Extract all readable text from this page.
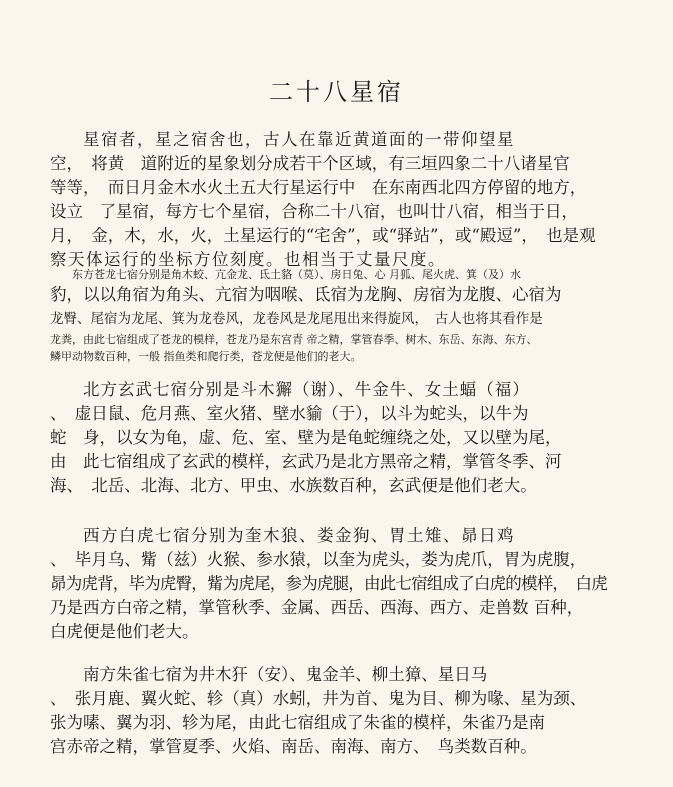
二十八星宿
星宿者，星之宿舍也，古人在靠近黄道面的一带仰望星
空，　将黄　道附近的星象划分成若干个区域，有三垣四象二十八诸星官
等等，　而日月金木水火土五大行星运行中　在东南西北四方停留的地方，
设立　了星宿，每方七个星宿，合称二十八宿，也叫廿八宿，相当于日，
月，　金，木，水，火，土星运行的“宅舍”，或“驿站”，或“殿逗”，　也是观
察天体运行的坐标方位刻度。也相当于丈量尺度。
东方苍龙七宿分别是角木蛟、亢金龙、氐土貉（莫）、房日兔、心 月狐、尾火虎、箕（及）水
豹，以以角宿为角头、亢宿为咽喉、氐宿为龙胸、房宿为龙腹、心宿为
龙臀、尾宿为龙尾、箕为龙卷风，龙卷风是龙尾甩出来得旋风，　古人也将其看作是
龙粪，由此七宿组成了苍龙的模样，苍龙乃是东宫青 帝之精，掌管春季、树木、东岳、东海、东方、
鳞甲动物数百种，一般 指鱼类和爬行类，苍龙便是他们的老大。
北方玄武七宿分别是斗木獬（谢）、牛金牛、女土蝠（福）
、　虚日鼠、危月燕、室火猪、壁水貐（于），以斗为蛇头，以牛为
蛇　身，以女为龟，虚、危、室、壁为是龟蛇缠绕之处，又以壁为尾，
由　此七宿组成了玄武的模样，玄武乃是北方黑帝之精，掌管冬季、河
海、　北岳、北海、北方、甲虫、水族数百种，玄武便是他们老大。
西方白虎七宿分别为奎木狼、娄金狗、胃土雉、昴日鸡
、　毕月乌、觜（兹）火猴、参水猿，以奎为虎头，娄为虎爪，胃为虎腹，
昴为虎背，毕为虎臀，觜为虎尾，参为虎腿，由此七宿组成了白虎的模样，　白虎
乃是西方白帝之精，掌管秋季、金属、西岳、西海、西方、走兽数 百种，
白虎便是他们老大。
南方朱雀七宿为井木犴（安）、鬼金羊、柳土獐、星日马
、　张月鹿、翼火蛇、轸（真）水蚓，井为首、鬼为目、柳为喙、星为颈、
张为嗉、翼为羽、轸为尾，由此七宿组成了朱雀的模样，朱雀乃是南
宫赤帝之精，掌管夏季、火焰、南岳、南海、南方、　鸟类数百种。
